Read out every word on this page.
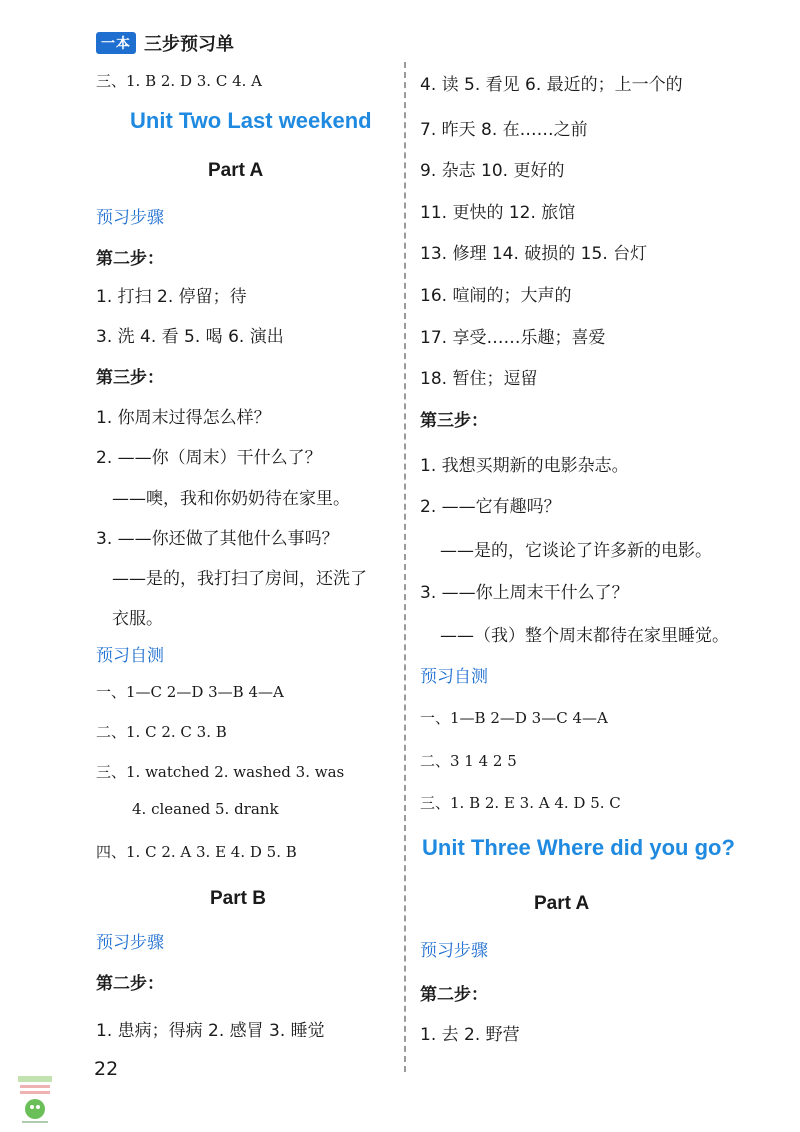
一本 三步预习单
三、1. B 2. D 3. C 4. A
Unit Two Last weekend
Part A
预习步骤
第二步：
1. 打扫 2. 停留；待
3. 洗 4. 看 5. 喝 6. 演出
第三步：
1. 你周末过得怎么样？
2. ——你（周末）干什么了？
——噢，我和你奶奶待在家里。
3. ——你还做了其他什么事吗？
——是的，我打扫了房间，还洗了
衣服。
预习自测
一、1—C 2—D 3—B 4—A
二、1. C 2. C 3. B
三、1. watched 2. washed 3. was
4. cleaned 5. drank
四、1. C 2. A 3. E 4. D 5. B
Part B
预习步骤
第二步：
1. 患病；得病 2. 感冒 3. 睡觉
4. 读 5. 看见 6. 最近的；上一个的
7. 昨天 8. 在……之前
9. 杂志 10. 更好的
11. 更快的 12. 旅馆
13. 修理 14. 破损的 15. 台灯
16. 喧闹的；大声的
17. 享受……乐趣；喜爱
18. 暂住；逗留
第三步：
1. 我想买期新的电影杂志。
2. ——它有趣吗？
——是的，它谈论了许多新的电影。
3. ——你上周末干什么了？
——（我）整个周末都待在家里睡觉。
预习自测
一、1—B 2—D 3—C 4—A
二、3 1 4 2 5
三、1. B 2. E 3. A 4. D 5. C
Unit Three Where did you go?
Part A
预习步骤
第二步：
1. 去 2. 野营
22
